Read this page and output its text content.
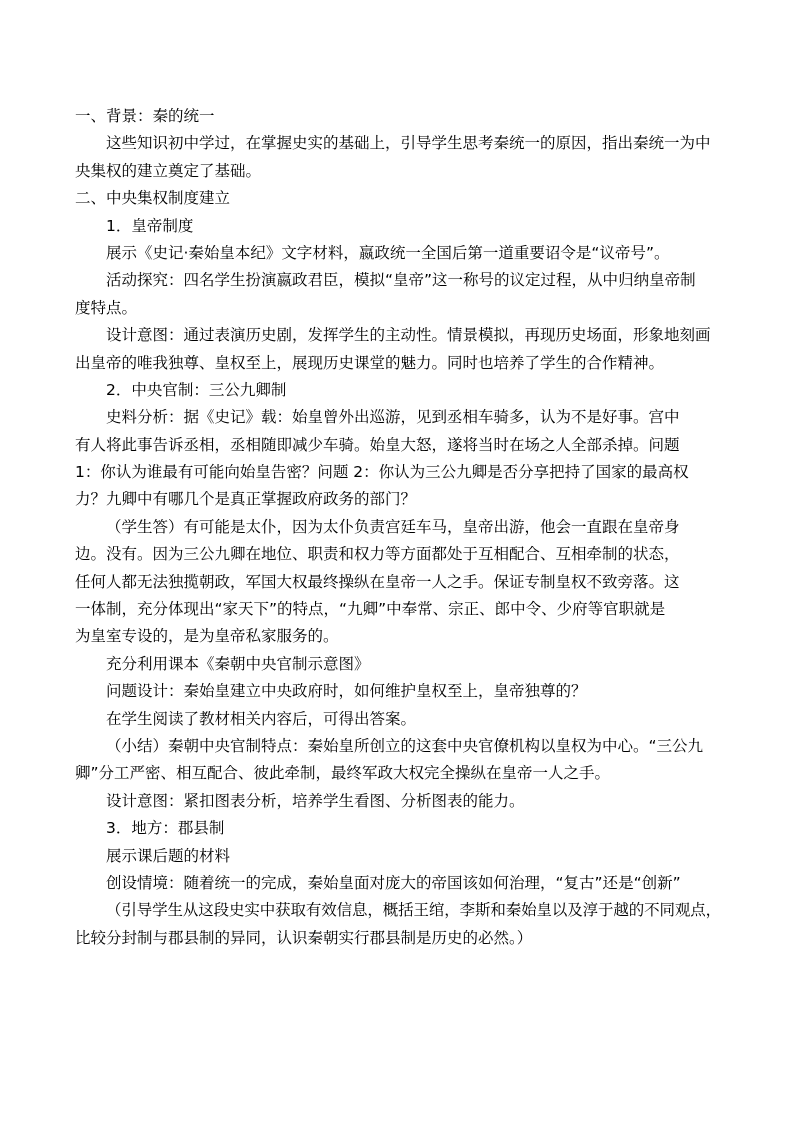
一、背景：秦的统一
这些知识初中学过，在掌握史实的基础上，引导学生思考秦统一的原因，指出秦统一为中
央集权的建立奠定了基础。
二、中央集权制度建立
1．皇帝制度
展示《史记·秦始皇本纪》文字材料，嬴政统一全国后第一道重要诏令是“议帝号”。
活动探究：四名学生扮演嬴政君臣，模拟“皇帝”这一称号的议定过程，从中归纳皇帝制
度特点。
设计意图：通过表演历史剧，发挥学生的主动性。情景模拟，再现历史场面，形象地刻画
出皇帝的唯我独尊、皇权至上，展现历史课堂的魅力。同时也培养了学生的合作精神。
2．中央官制：三公九卿制
史料分析：据《史记》载：始皇曾外出巡游，见到丞相车骑多，认为不是好事。宫中
有人将此事告诉丞相，丞相随即减少车骑。始皇大怒，遂将当时在场之人全部杀掉。问题
1：你认为谁最有可能向始皇告密？问题 2：你认为三公九卿是否分享把持了国家的最高权
力？九卿中有哪几个是真正掌握政府政务的部门？
（学生答）有可能是太仆，因为太仆负责宫廷车马，皇帝出游，他会一直跟在皇帝身
边。没有。因为三公九卿在地位、职责和权力等方面都处于互相配合、互相牵制的状态，
任何人都无法独揽朝政，军国大权最终操纵在皇帝一人之手。保证专制皇权不致旁落。这
一体制，充分体现出“家天下”的特点，“九卿”中奉常、宗正、郎中令、少府等官职就是
为皇室专设的，是为皇帝私家服务的。
充分利用课本《秦朝中央官制示意图》
问题设计：秦始皇建立中央政府时，如何维护皇权至上，皇帝独尊的？
在学生阅读了教材相关内容后，可得出答案。
（小结）秦朝中央官制特点：秦始皇所创立的这套中央官僚机构以皇权为中心。“三公九
卿”分工严密、相互配合、彼此牵制，最终军政大权完全操纵在皇帝一人之手。
设计意图：紧扣图表分析，培养学生看图、分析图表的能力。
3．地方：郡县制
展示课后题的材料
创设情境：随着统一的完成，秦始皇面对庞大的帝国该如何治理，“复古”还是“创新”
（引导学生从这段史实中获取有效信息，概括王绾，李斯和秦始皇以及淳于越的不同观点，
比较分封制与郡县制的异同，认识秦朝实行郡县制是历史的必然。）
